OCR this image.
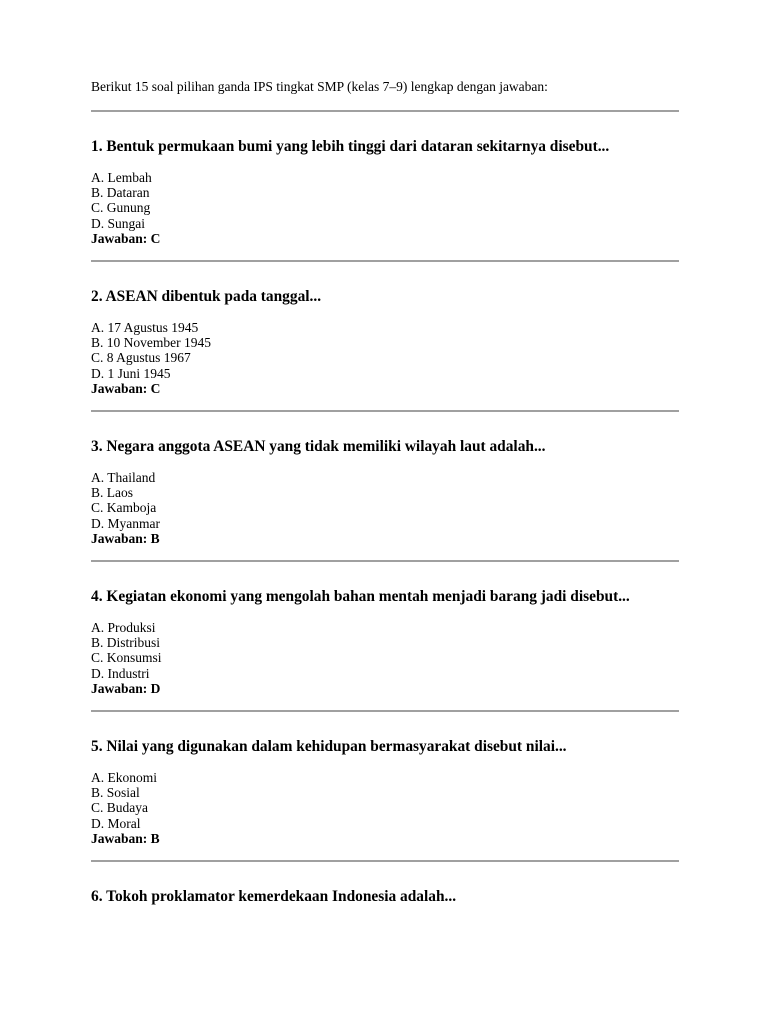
Berikut 15 soal pilihan ganda IPS tingkat SMP (kelas 7–9) lengkap dengan jawaban:

1. Bentuk permukaan bumi yang lebih tinggi dari dataran sekitarnya disebut...

A. Lembah
B. Dataran
C. Gunung
D. Sungai

Jawaban: C

2. ASEAN dibentuk pada tanggal...

A. 17 Agustus 1945
B. 10 November 1945
C. 8 Agustus 1967
D. 1 Juni 1945

Jawaban: C

3. Negara anggota ASEAN yang tidak memiliki wilayah laut adalah...

A. Thailand
B. Laos
C. Kamboja
D. Myanmar

Jawaban: B

4. Kegiatan ekonomi yang mengolah bahan mentah menjadi barang jadi disebut...

A. Produksi
B. Distribusi
C. Konsumsi
D. Industri

Jawaban: D

5. Nilai yang digunakan dalam kehidupan bermasyarakat disebut nilai...

A. Ekonomi
B. Sosial
C. Budaya
D. Moral

Jawaban: B

6. Tokoh proklamator kemerdekaan Indonesia adalah...
